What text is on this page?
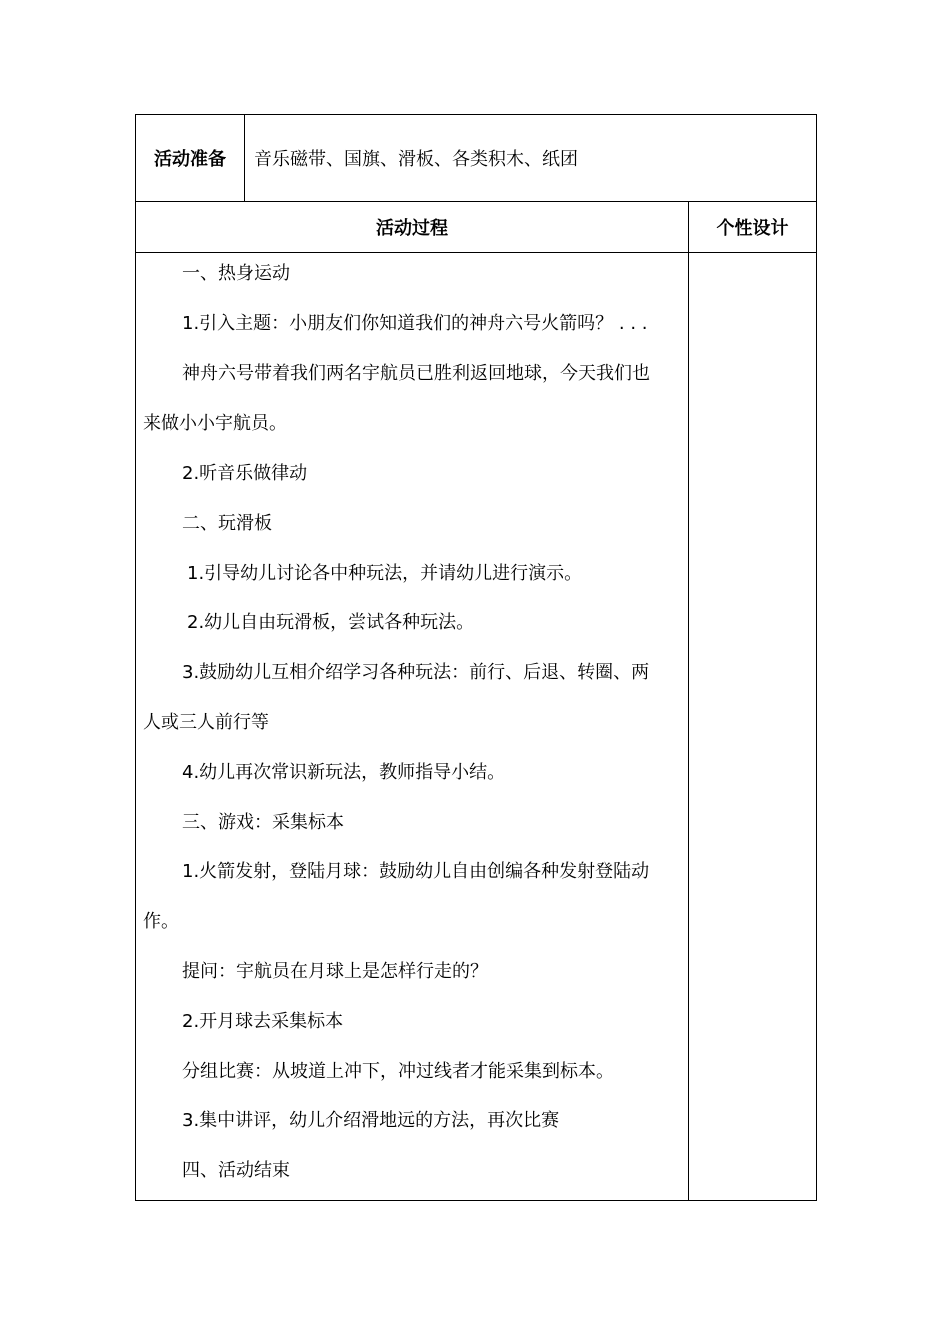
活动准备	音乐磁带、国旗、滑板、各类积木、纸团
活动过程	个性设计
一、热身运动
1.引入主题：小朋友们你知道我们的神舟六号火箭吗？ . . .
神舟六号带着我们两名宇航员已胜利返回地球，今天我们也
来做小小宇航员。
2.听音乐做律动
二、玩滑板
1.引导幼儿讨论各中种玩法，并请幼儿进行演示。
2.幼儿自由玩滑板，尝试各种玩法。
3.鼓励幼儿互相介绍学习各种玩法：前行、后退、转圈、两
人或三人前行等
4.幼儿再次常识新玩法，教师指导小结。
三、游戏：采集标本
1.火箭发射，登陆月球：鼓励幼儿自由创编各种发射登陆动
作。
提问：宇航员在月球上是怎样行走的？
2.开月球去采集标本
分组比赛：从坡道上冲下，冲过线者才能采集到标本。
3.集中讲评，幼儿介绍滑地远的方法，再次比赛
四、活动结束
